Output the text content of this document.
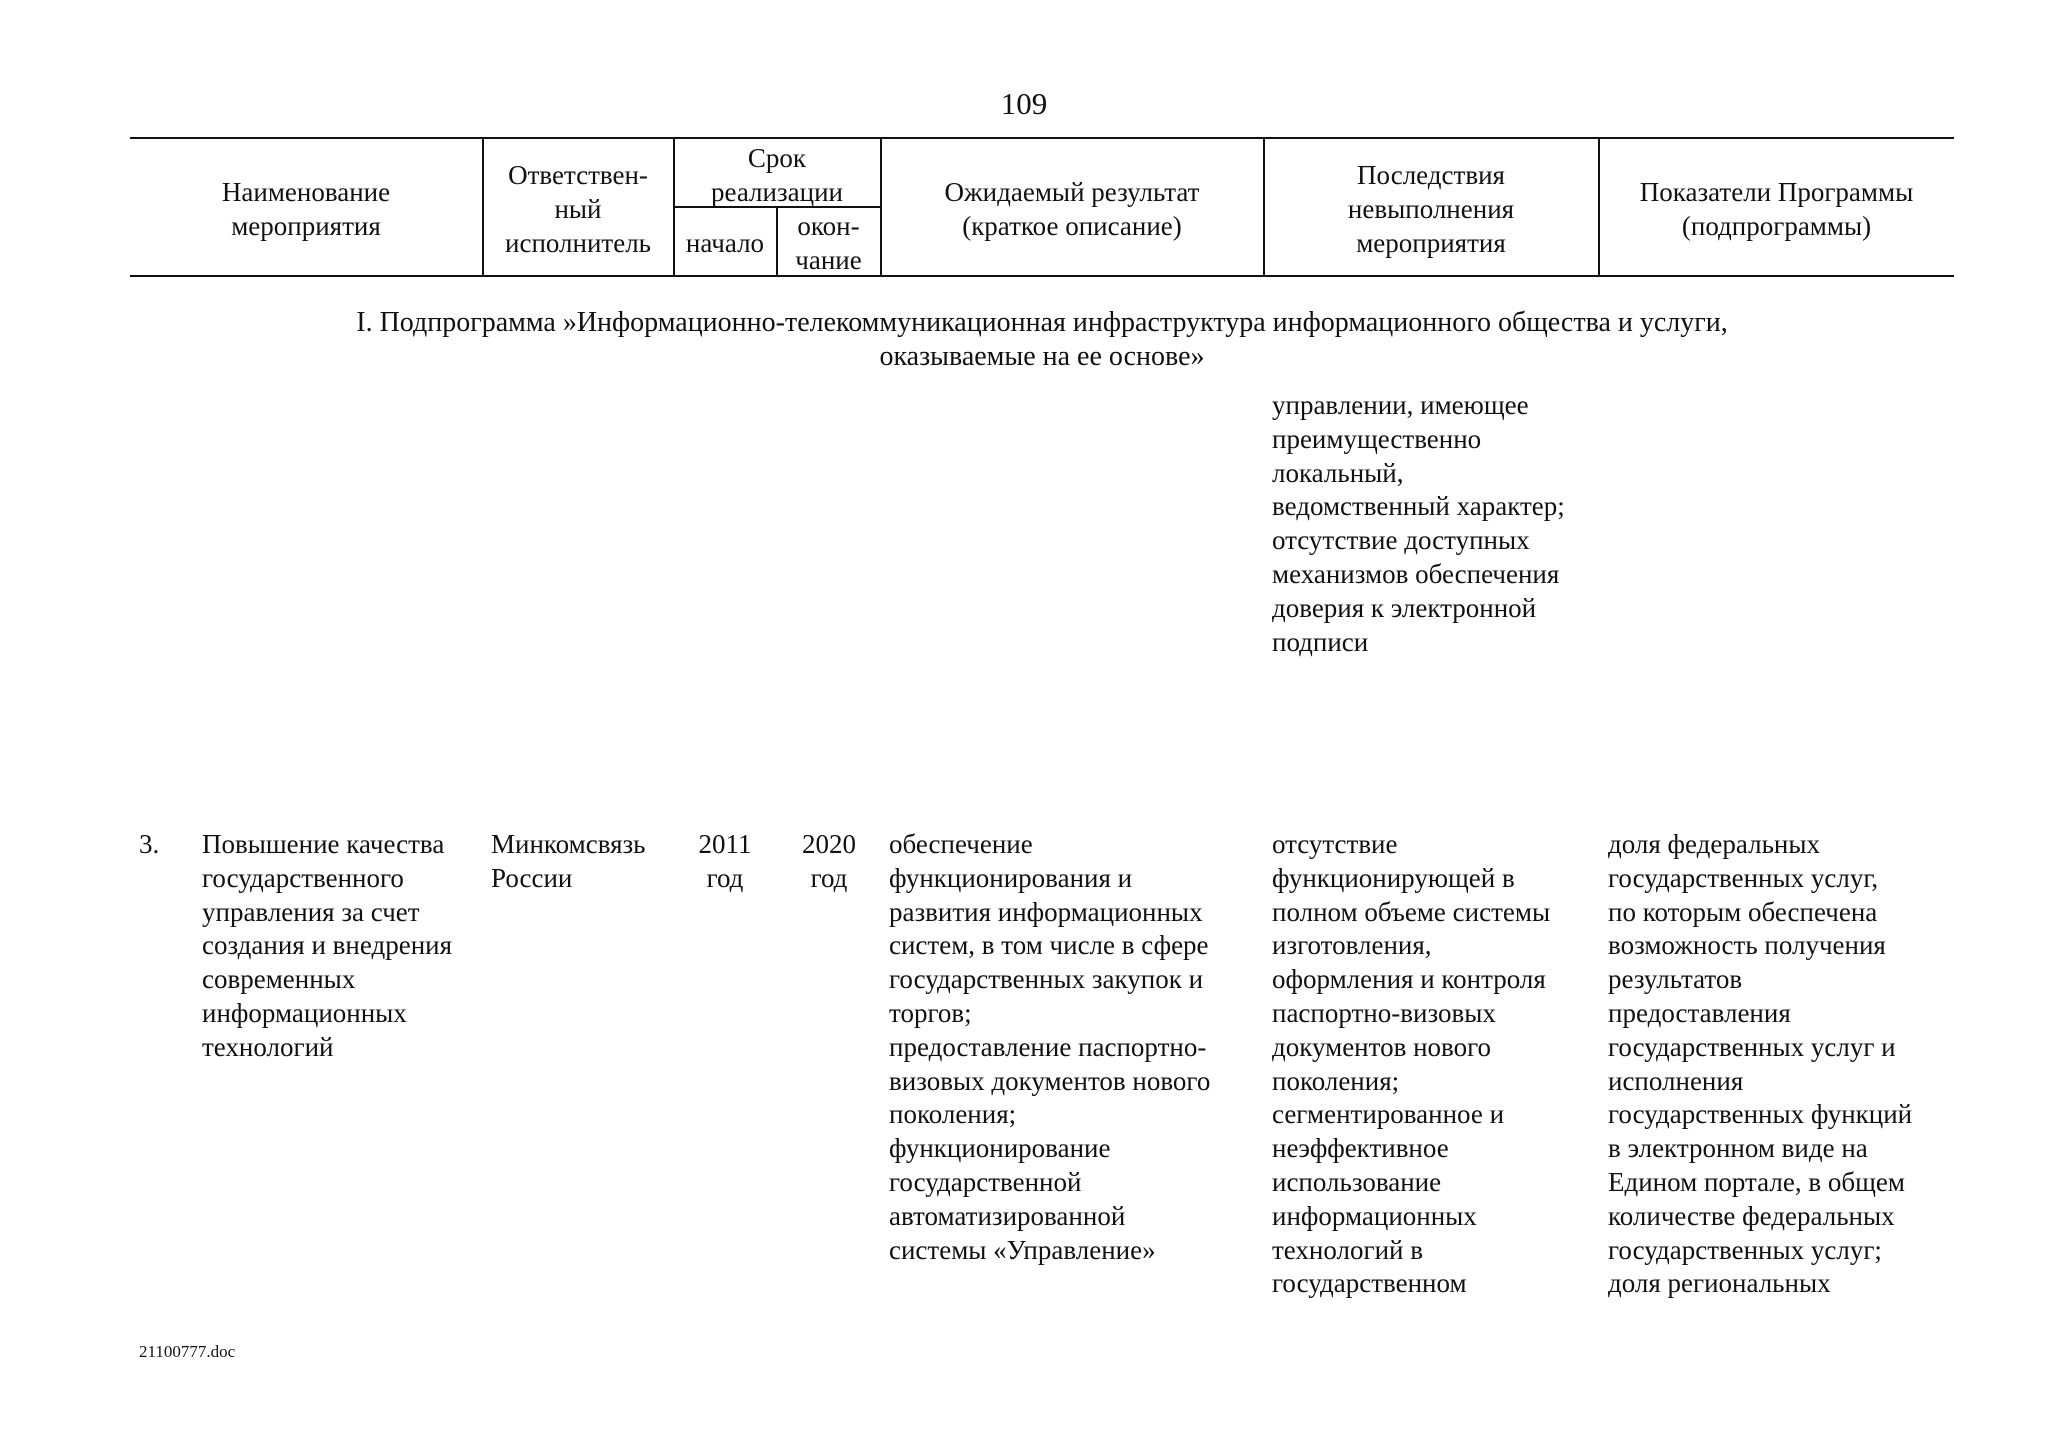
109
Наименование
мероприятия
Ответствен-
ный
исполнитель
Срок
реализации
начало
окон-
чание
Ожидаемый результат
(краткое описание)
Последствия
невыполнения
мероприятия
Показатели Программы
(подпрограммы)
I. Подпрограмма »Информационно-телекоммуникационная инфраструктура информационного общества и услуги,
оказываемые на ее основе»
управлении, имеющее
преимущественно
локальный,
ведомственный характер;
отсутствие доступных
механизмов обеспечения
доверия к электронной
подписи
3. Повышение качества
государственного
управления за счет
создания и внедрения
современных
информационных
технологий
Минкомсвязь
России
2011
год
2020
год
обеспечение
функционирования и
развития информационных
систем, в том числе в сфере
государственных закупок и
торгов;
предоставление паспортно-
визовых документов нового
поколения;
функционирование
государственной
автоматизированной
системы «Управление»
отсутствие
функционирующей в
полном объеме системы
изготовления,
оформления и контроля
паспортно-визовых
документов нового
поколения;
сегментированное и
неэффективное
использование
информационных
технологий в
государственном
доля федеральных
государственных услуг,
по которым обеспечена
возможность получения
результатов
предоставления
государственных услуг и
исполнения
государственных функций
в электронном виде на
Едином портале, в общем
количестве федеральных
государственных услуг;
доля региональных
21100777.doc
